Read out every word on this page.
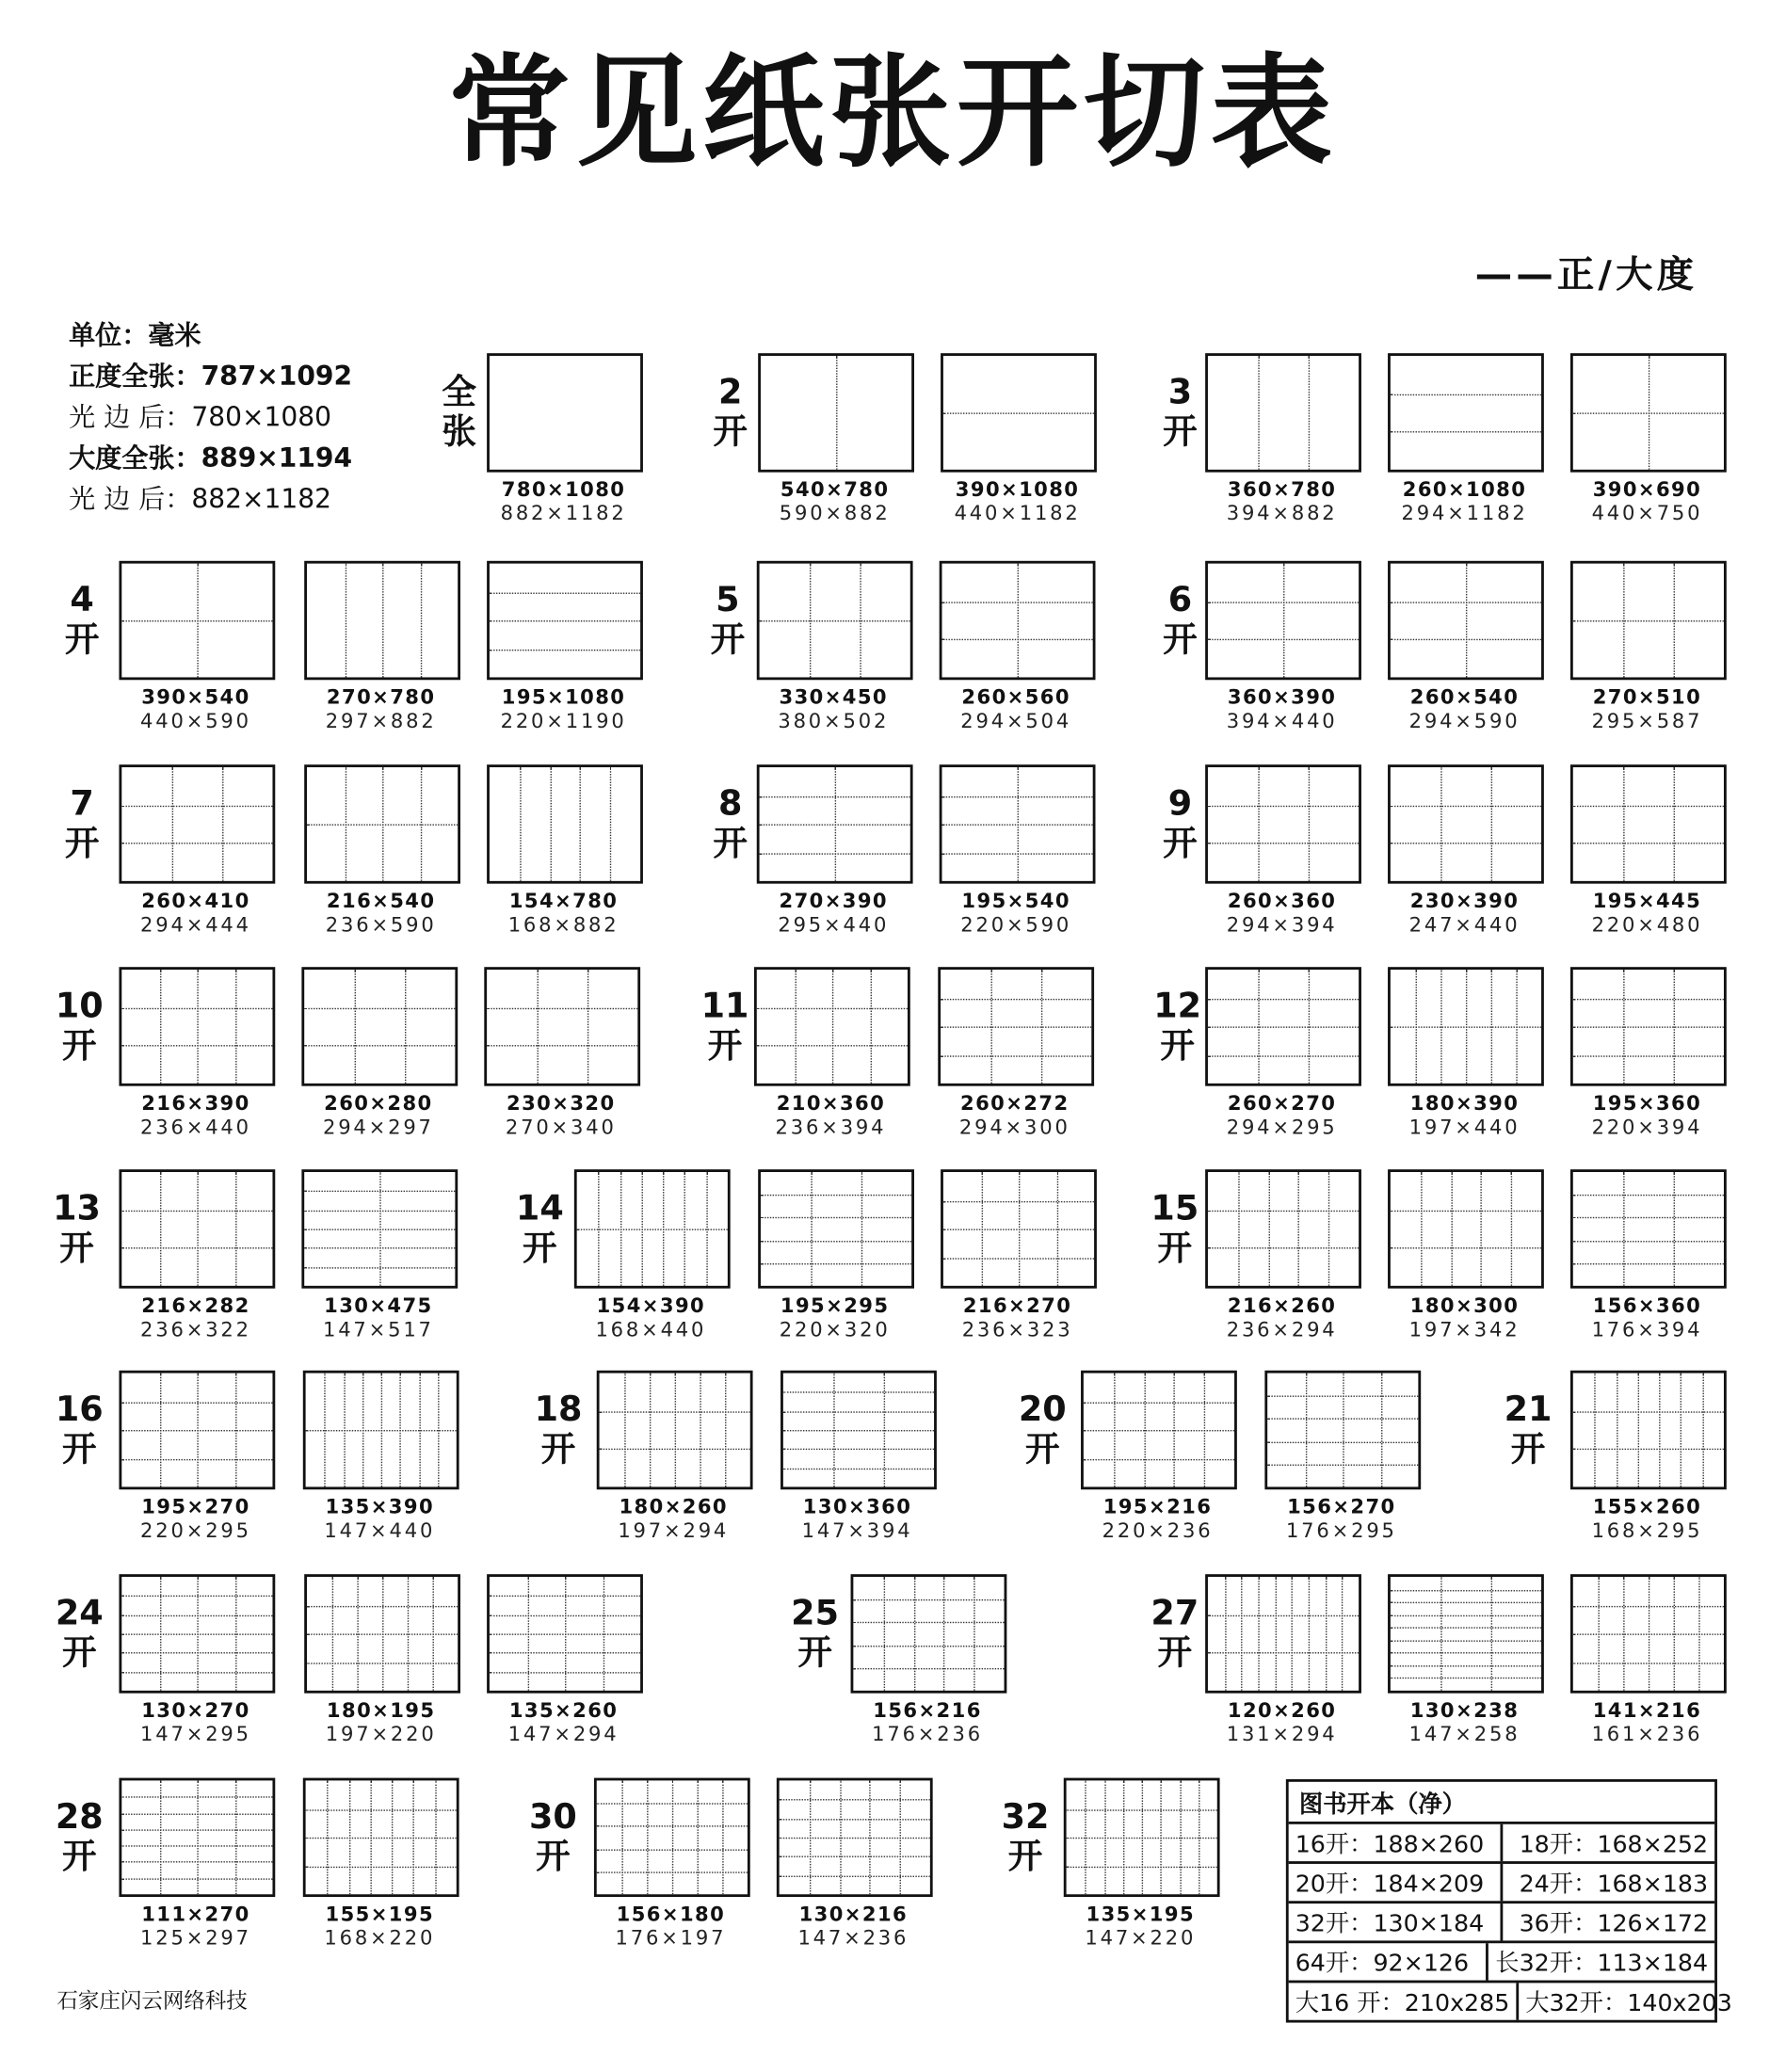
常见纸张开切表
——正/大度
单位：毫米
正度全张：787×1092
光 边 后：780×1080
大度全张：889×1194
光 边 后：882×1182
全
张
780×1080
882×1182
2
开
540×780
590×882
390×1080
440×1182
3
开
360×780
394×882
260×1080
294×1182
390×690
440×750
4
开
390×540
440×590
270×780
297×882
195×1080
220×1190
5
开
330×450
380×502
260×560
294×504
6
开
360×390
394×440
260×540
294×590
270×510
295×587
7
开
260×410
294×444
216×540
236×590
154×780
168×882
8
开
270×390
295×440
195×540
220×590
9
开
260×360
294×394
230×390
247×440
195×445
220×480
10
开
216×390
236×440
260×280
294×297
230×320
270×340
11
开
210×360
236×394
260×272
294×300
12
开
260×270
294×295
180×390
197×440
195×360
220×394
13
开
216×282
236×322
130×475
147×517
14
开
154×390
168×440
195×295
220×320
216×270
236×323
15
开
216×260
236×294
180×300
197×342
156×360
176×394
16
开
195×270
220×295
135×390
147×440
18
开
180×260
197×294
130×360
147×394
20
开
195×216
220×236
156×270
176×295
21
开
155×260
168×295
24
开
130×270
147×295
180×195
197×220
135×260
147×294
25
开
156×216
176×236
27
开
120×260
131×294
130×238
147×258
141×216
161×236
28
开
111×270
125×297
155×195
168×220
30
开
156×180
176×197
130×216
147×236
32
开
135×195
147×220
图书开本（净）
16开：188×260	18开：168×252
20开：184×209	24开：168×183
32开：130×184	36开：126×172
64开：92×126	长32开：113×184
大16 开：210x285 大32开：140x203
石家庄闪云网络科技
